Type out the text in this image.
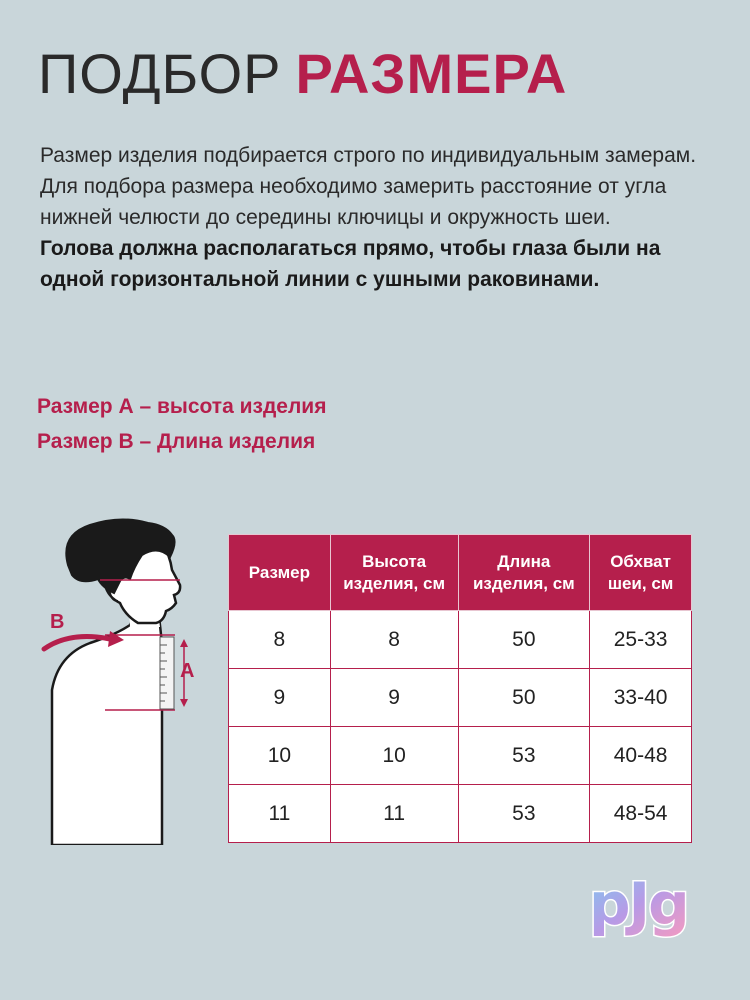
ПОДБОР РАЗМЕРА
Размер изделия подбирается строго по индивидуальным замерам. Для подбора размера необходимо замерить расстояние от угла нижней челюсти до середины ключицы и окружность шеи.
Голова должна располагаться прямо, чтобы глаза были на одной горизонтальной линии с ушными раковинами.
Размер А – высота изделия
Размер В – Длина изделия
A
B
Размер	Высота изделия, см	Длина изделия, см	Обхват шеи, см
8	8	50	25-33
9	9	50	33-40
10	10	53	40-48
11	11	53	48-54
pJg
